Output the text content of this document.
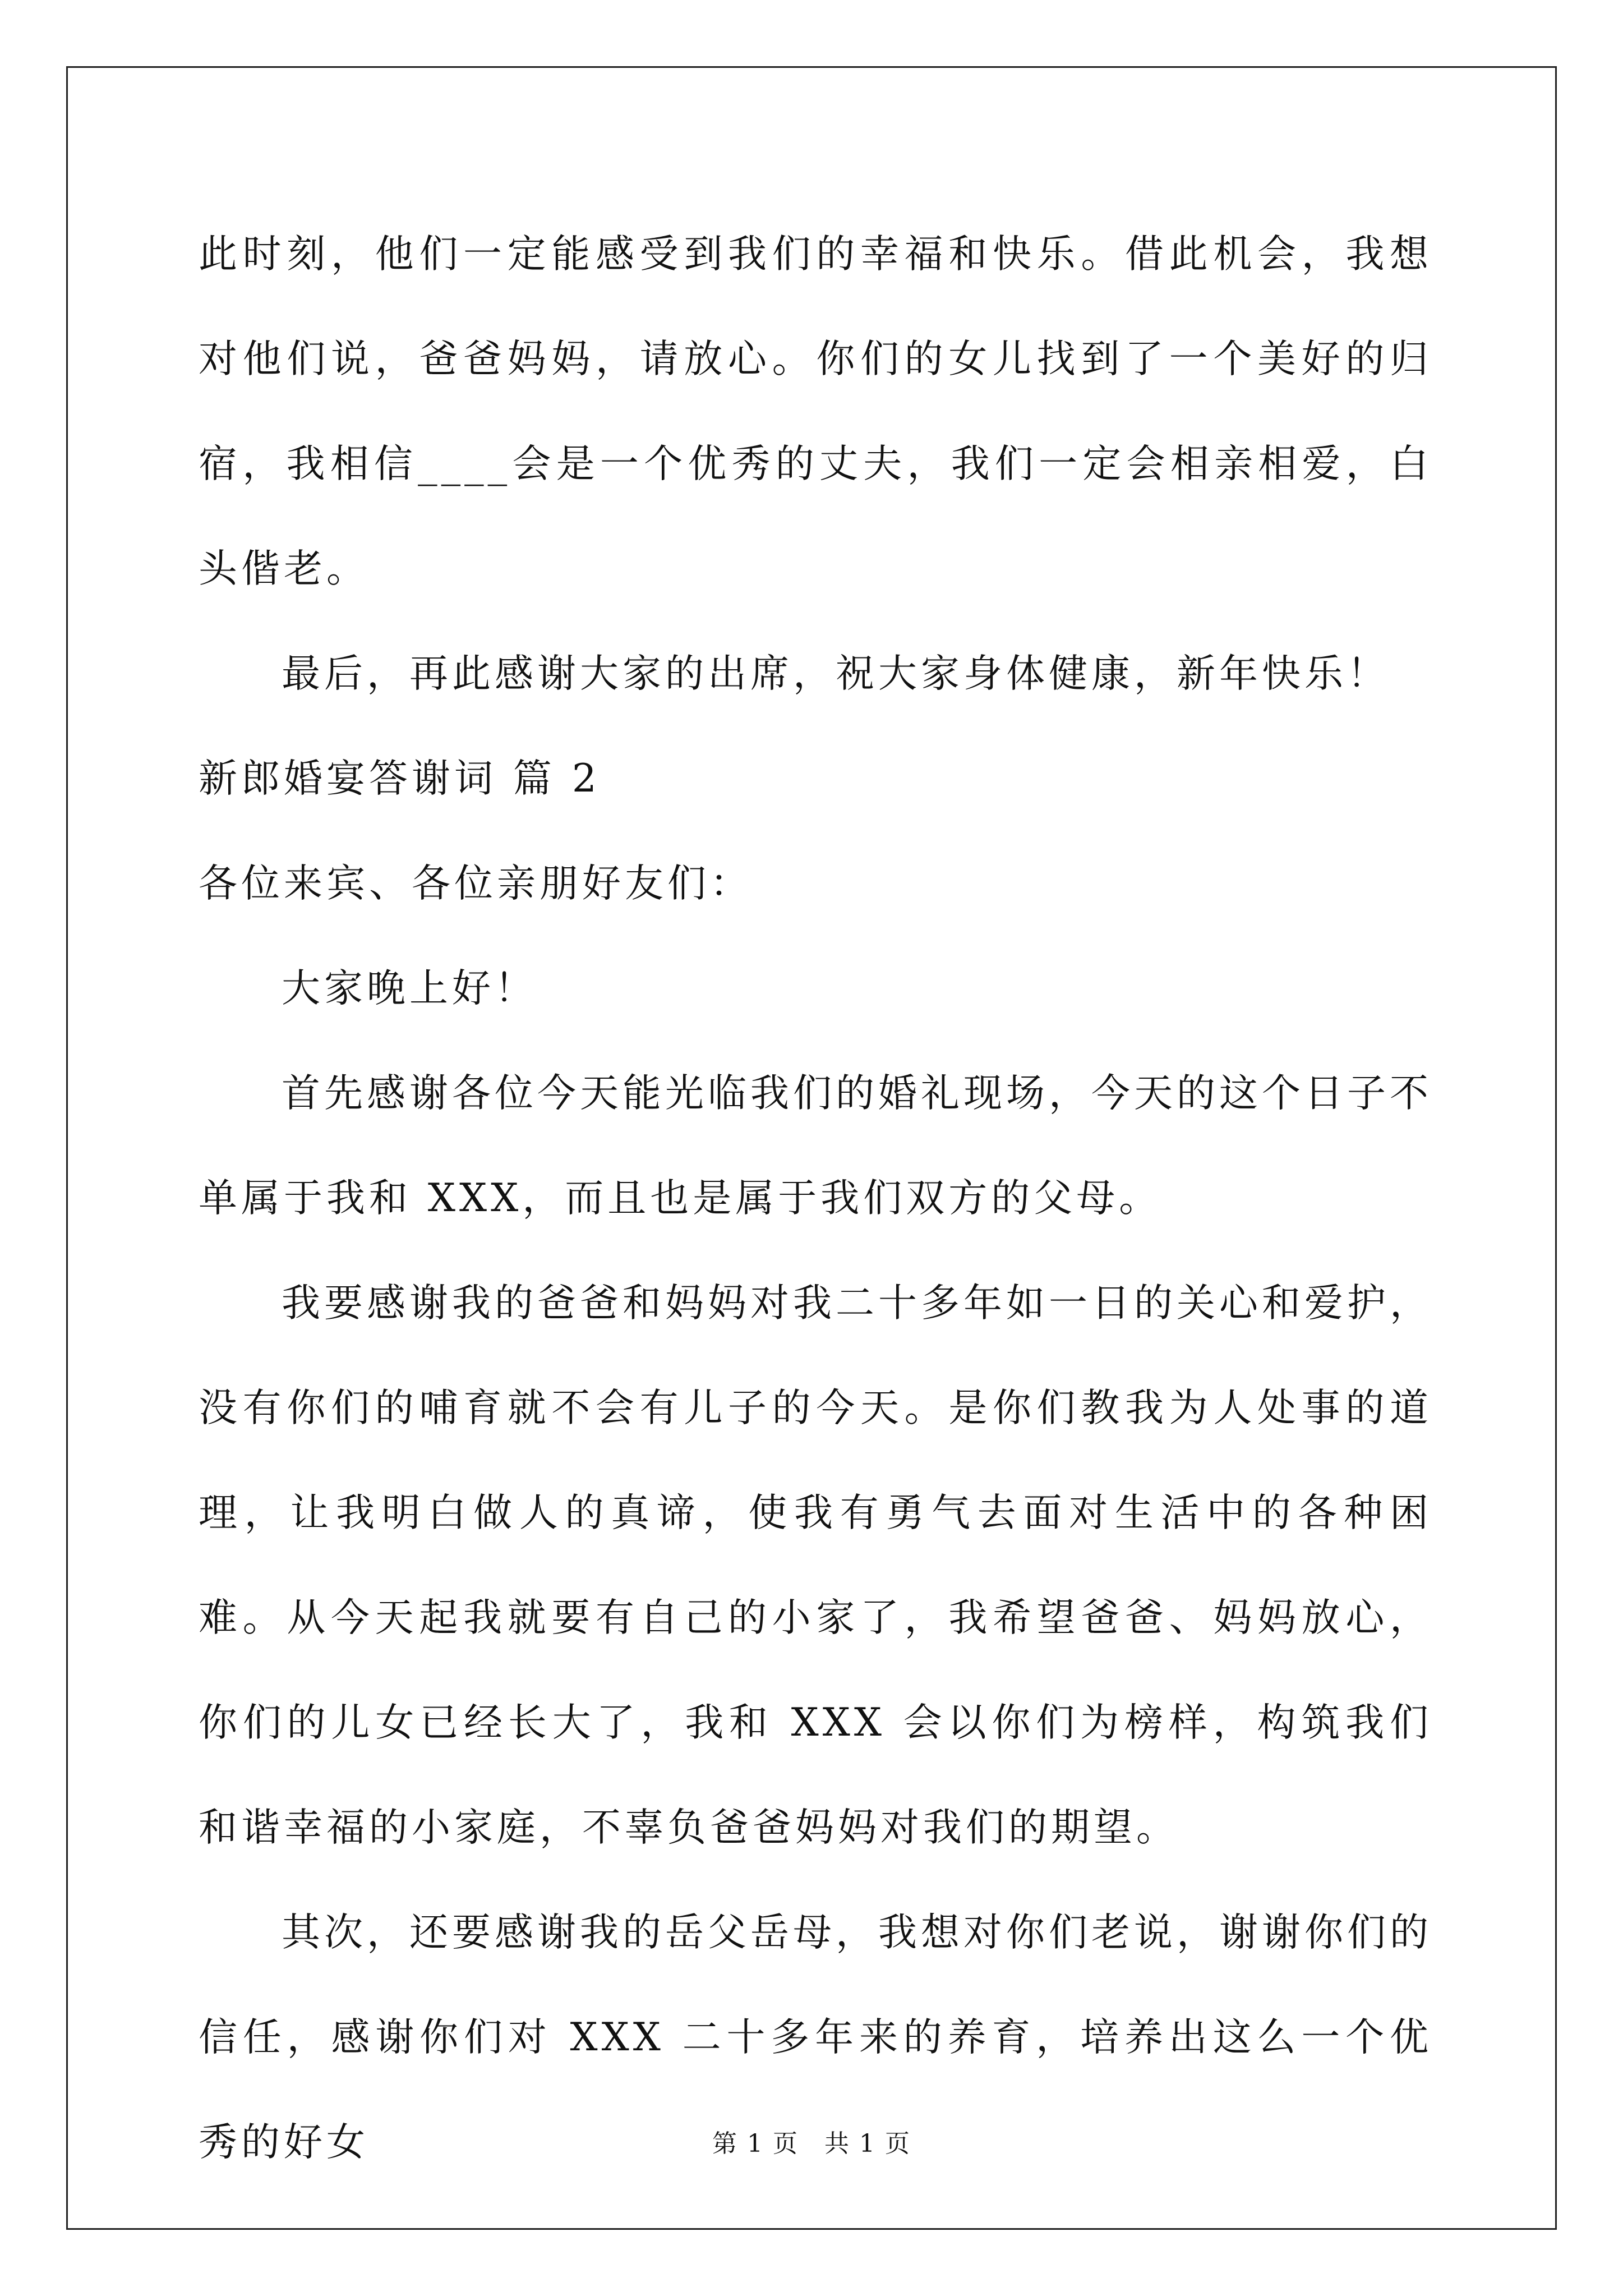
此时刻，他们一定能感受到我们的幸福和快乐。借此机会，我想对他们说，爸爸妈妈，请放心。你们的女儿找到了一个美好的归宿，我相信____会是一个优秀的丈夫，我们一定会相亲相爱，白头偕老。

最后，再此感谢大家的出席，祝大家身体健康，新年快乐！

新郎婚宴答谢词 篇 2

各位来宾、各位亲朋好友们：

大家晚上好！

首先感谢各位今天能光临我们的婚礼现场，今天的这个日子不单属于我和 XXX，而且也是属于我们双方的父母。

我要感谢我的爸爸和妈妈对我二十多年如一日的关心和爱护，没有你们的哺育就不会有儿子的今天。是你们教我为人处事的道理，让我明白做人的真谛，使我有勇气去面对生活中的各种困难。从今天起我就要有自己的小家了，我希望爸爸、妈妈放心，你们的儿女已经长大了，我和 XXX 会以你们为榜样，构筑我们和谐幸福的小家庭，不辜负爸爸妈妈对我们的期望。

其次，还要感谢我的岳父岳母，我想对你们老说，谢谢你们的信任，感谢你们对 XXX 二十多年来的养育，培养出这么一个优秀的好女	第 1 页　共 1 页
